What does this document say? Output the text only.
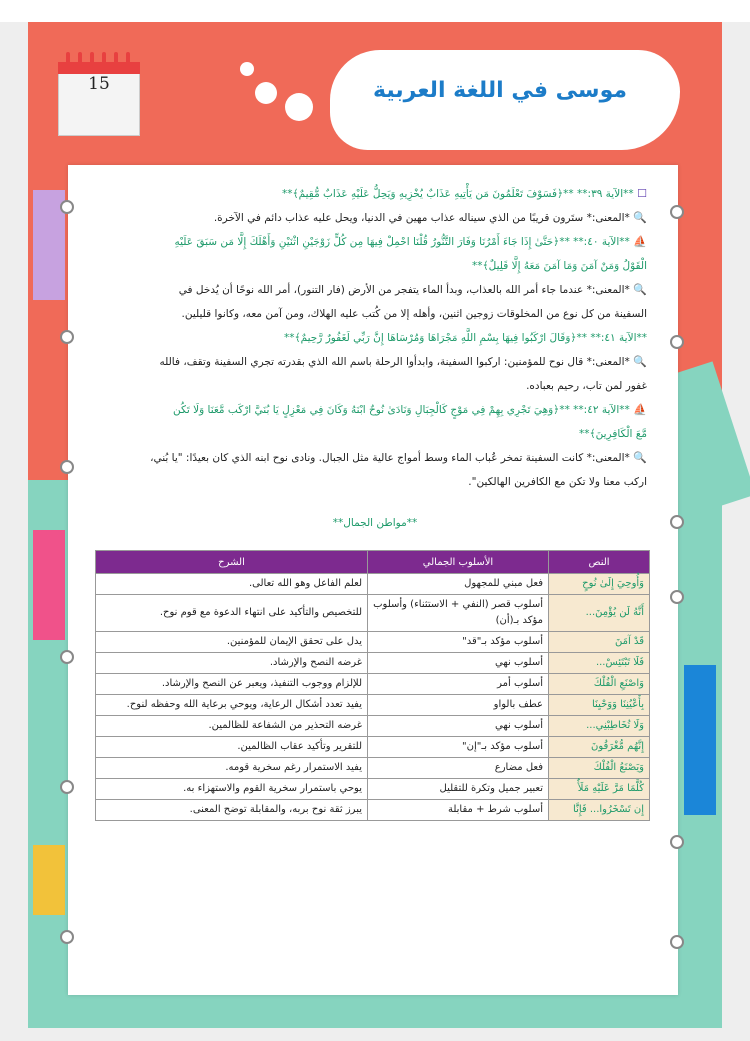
موسى في اللغة العربية
15
☐ **الآية ٣٩:** **﴿فَسَوْفَ تَعْلَمُونَ مَن يَأْتِيهِ عَذَابٌ يُخْزِيهِ وَيَحِلُّ عَلَيْهِ عَذَابٌ مُّقِيمٌ﴾**
🔍 *المعنى:* ستَرون قريبًا من الذي سيناله عذاب مهين في الدنيا، ويحل عليه عذاب دائم في الآخرة.
⛵ **الآية ٤٠:** **﴿حَتَّىٰ إِذَا جَاءَ أَمْرُنَا وَفَارَ التَّنُّورُ قُلْنَا احْمِلْ فِيهَا مِن كُلٍّ زَوْجَيْنِ اثْنَيْنِ وَأَهْلَكَ إِلَّا مَن سَبَقَ عَلَيْهِ
الْقَوْلُ وَمَنْ آمَنَ وَمَا آمَنَ مَعَهُ إِلَّا قَلِيلٌ﴾**
🔍 *المعنى:* عندما جاء أمر الله بالعذاب، وبدأ الماء يتفجر من الأرض (فار التنور)، أمر الله نوحًا أن يُدخل في
السفينة من كل نوع من المخلوقات زوجين اثنين، وأهله إلا من كُتب عليه الهلاك، ومن آمن معه، وكانوا قليلين.
**الآية ٤١:** **﴿وَقَالَ ارْكَبُوا فِيهَا بِسْمِ اللَّهِ مَجْرَاهَا وَمُرْسَاهَا إِنَّ رَبِّي لَغَفُورٌ رَّحِيمٌ﴾**
🔍 *المعنى:* قال نوح للمؤمنين: اركبوا السفينة، وابدأوا الرحلة باسم الله الذي بقدرته تجري السفينة وتقف، فالله
غفور لمن تاب، رحيم بعباده.
⛵ **الآية ٤٢:** **﴿وَهِيَ تَجْرِي بِهِمْ فِي مَوْجٍ كَالْجِبَالِ وَنَادَىٰ نُوحٌ ابْنَهُ وَكَانَ فِي مَعْزِلٍ يَا بُنَيَّ ارْكَب مَّعَنَا وَلَا تَكُن
مَّعَ الْكَافِرِينَ﴾**
🔍 *المعنى:* كانت السفينة تمخر عُباب الماء وسط أمواج عالية مثل الجبال. ونادى نوح ابنه الذي كان بعيدًا: "يا بُني،
اركب معنا ولا تكن مع الكافرين الهالكين".
**مواطن الجمال**
النص	الأسلوب الجمالي	الشرح
وَأُوحِيَ إِلَىٰ نُوحٍ	فعل مبني للمجهول	لعلم الفاعل وهو الله تعالى.
أَنَّهُ لَن يُؤْمِنَ...	أسلوب قصر (النفي + الاستثناء) وأسلوب مؤكد بـ(أن)	للتخصيص والتأكيد على انتهاء الدعوة مع قوم نوح.
قَدْ آمَنَ	أسلوب مؤكد بـ"قد"	يدل على تحقق الإيمان للمؤمنين.
فَلَا تَبْتَئِسْ...	أسلوب نهي	غرضه النصح والإرشاد.
وَاصْنَعِ الْفُلْكَ	أسلوب أمر	للإلزام ووجوب التنفيذ، ويعبر عن النصح والإرشاد.
بِأَعْيُنِنَا وَوَحْيِنَا	عطف بالواو	يفيد تعدد أشكال الرعاية، ويوحي برعاية الله وحفظه لنوح.
وَلَا تُخَاطِبْنِي...	أسلوب نهي	غرضه التحذير من الشفاعة للظالمين.
إِنَّهُم مُّغْرَقُونَ	أسلوب مؤكد بـ"إن"	للتقرير وتأكيد عقاب الظالمين.
وَيَصْنَعُ الْفُلْكَ	فعل مضارع	يفيد الاستمرار رغم سخرية قومه.
كُلَّمَا مَرَّ عَلَيْهِ مَلَأٌ	تعبير جميل وتكرة للتقليل	يوحي باستمرار سخرية القوم والاستهزاء به.
إِن تَسْخَرُوا... فَإِنَّا	أسلوب شرط + مقابلة	يبرز ثقة نوح بربه، والمقابلة توضح المعنى.
